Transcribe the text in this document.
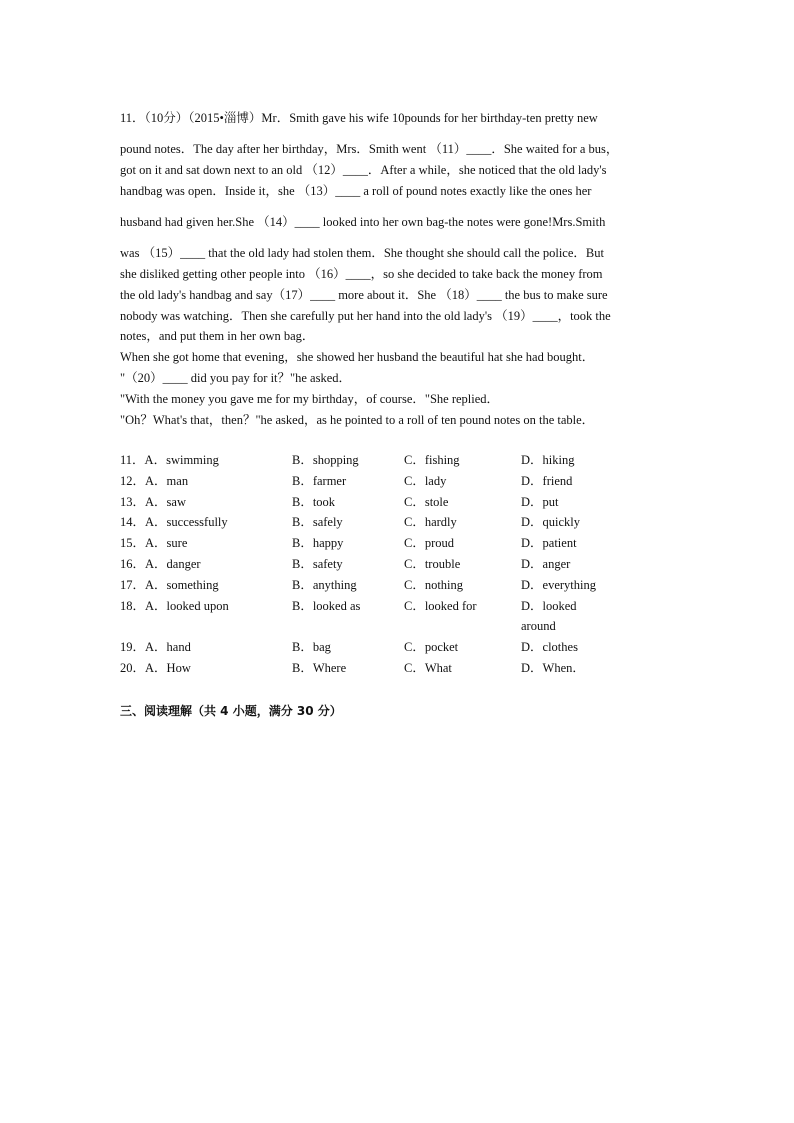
11．（10分）（2015•淄博）Mr．Smith gave his wife 10pounds for her birthday-ten pretty new
pound notes．The day after her birthday，Mrs．Smith went （11）____．She waited for a bus，
got on it and sat down next to an old （12）____．After a while，she noticed that the old lady's
handbag was open．Inside it，she （13）____ a roll of pound notes exactly like the ones her
husband had given her.She （14）____ looked into her own bag-the notes were gone!Mrs.Smith
was （15）____ that the old lady had stolen them．She thought she should call the police．But
she disliked getting other people into （16）____，so she decided to take back the money from
the old lady's handbag and say（17）____ more about it．She （18）____ the bus to make sure
nobody was watching．Then she carefully put her hand into the old lady's （19）____，took the
notes，and put them in her own bag．
When she got home that evening，she showed her husband the beautiful hat she had bought．
"（20）____ did you pay for it？"he asked．
"With the money you gave me for my birthday，of course．"She replied．
"Oh？What's that，then？"he asked，as he pointed to a roll of ten pound notes on the table．
11．A．swimming	B．shopping	C．fishing	D．hiking
12．A．man	B．farmer	C．lady	D．friend
13．A．saw	B．took	C．stole	D．put
14．A．successfully	B．safely	C．hardly	D．quickly
15．A．sure	B．happy	C．proud	D．patient
16．A．danger	B．safety	C．trouble	D．anger
17．A．something	B．anything	C．nothing	D．everything
18．A．looked upon	B．looked as	C．looked for	D．looked around
19．A．hand	B．bag	C．pocket	D．clothes
20．A．How	B．Where	C．What	D．When．
三、阅读理解（共 4 小题，满分 30 分）
